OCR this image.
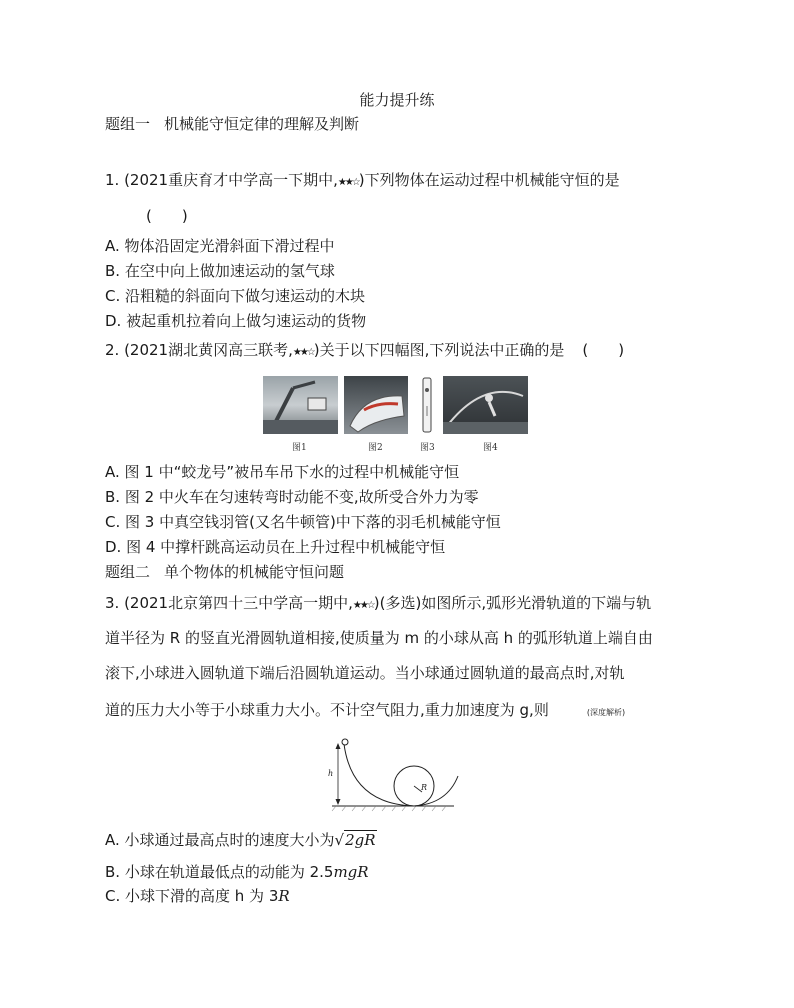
能力提升练
题组一 机械能守恒定律的理解及判断
1. (2021重庆育才中学高一下期中,★★☆)下列物体在运动过程中机械能守恒的是
(　　)
A. 物体沿固定光滑斜面下滑过程中
B. 在空中向上做加速运动的氢气球
C. 沿粗糙的斜面向下做匀速运动的木块
D. 被起重机拉着向上做匀速运动的货物
2. (2021湖北黄冈高三联考,★★☆)关于以下四幅图,下列说法中正确的是 (　　)
图1	图2	图3	图4
A. 图 1 中“蛟龙号”被吊车吊下水的过程中机械能守恒
B. 图 2 中火车在匀速转弯时动能不变,故所受合外力为零
C. 图 3 中真空钱羽管(又名牛顿管)中下落的羽毛机械能守恒
D. 图 4 中撑杆跳高运动员在上升过程中机械能守恒
题组二 单个物体的机械能守恒问题
3. (2021北京第四十三中学高一期中,★★☆)(多选)如图所示,弧形光滑轨道的下端与轨
道半径为 R 的竖直光滑圆轨道相接,使质量为 m 的小球从高 h 的弧形轨道上端自由
滚下,小球进入圆轨道下端后沿圆轨道运动。当小球通过圆轨道的最高点时,对轨
道的压力大小等于小球重力大小。不计空气阻力,重力加速度为 g,则	(深度解析)
h
R
A. 小球通过最高点时的速度大小为√2gR
B. 小球在轨道最低点的动能为 2.5mgR
C. 小球下滑的高度 h 为 3R
